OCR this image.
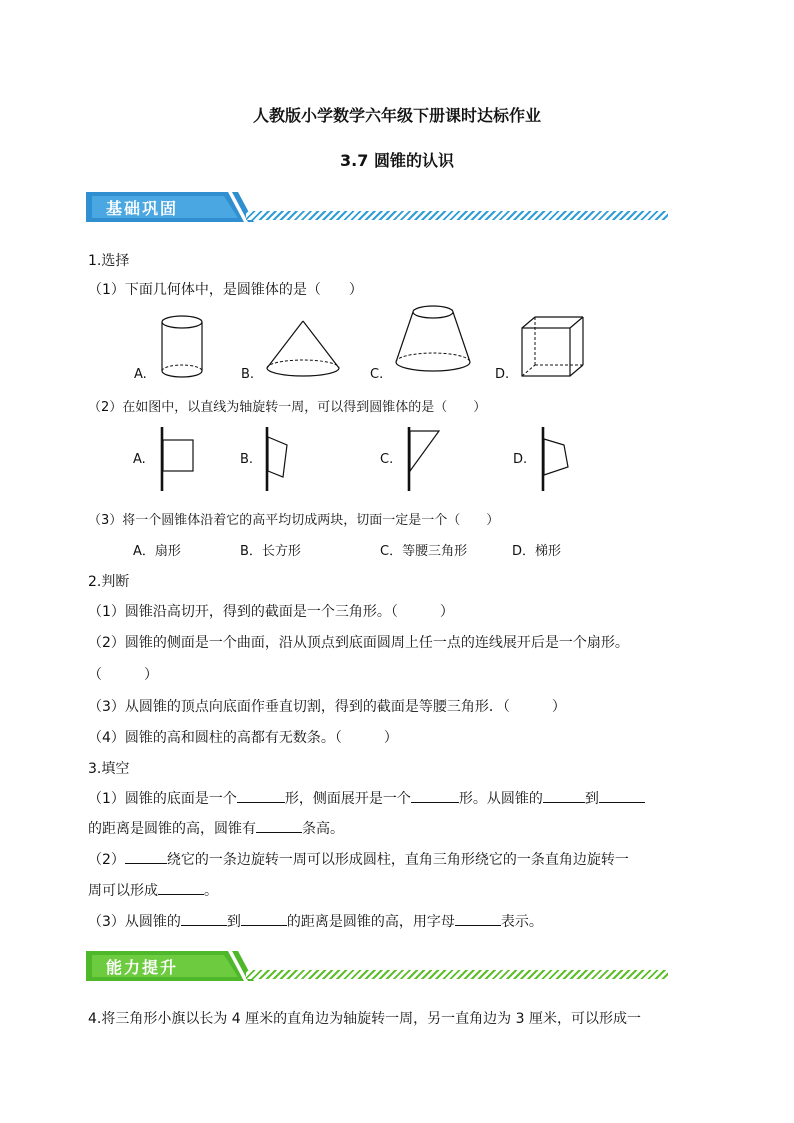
人教版小学数学六年级下册课时达标作业
3.7 圆锥的认识
基础巩固
1.选择
（1）下面几何体中，是圆锥体的是（　　）
A.	B.	C.	D.
（2）在如图中，以直线为轴旋转一周，可以得到圆锥体的是（　　）
A.	B.	C.	D.
（3）将一个圆锥体沿着它的高平均切成两块，切面一定是一个（　　）
A．扇形	B．长方形	C．等腰三角形	D．梯形
2.判断
（1）圆锥沿高切开，得到的截面是一个三角形。（　　　）
（2）圆锥的侧面是一个曲面，沿从顶点到底面圆周上任一点的连线展开后是一个扇形。
（　　　）
（3）从圆锥的顶点向底面作垂直切割，得到的截面是等腰三角形．（　　　）
（4）圆锥的高和圆柱的高都有无数条。（　　　）
3.填空
（1）圆锥的底面是一个	形，侧面展开是一个	形。从圆锥的	到
的距离是圆锥的高，圆锥有	条高。
（2）	绕它的一条边旋转一周可以形成圆柱，直角三角形绕它的一条直角边旋转一
周可以形成	。
（3）从圆锥的	到	的距离是圆锥的高，用字母	表示。
能力提升
4.将三角形小旗以长为 4 厘米的直角边为轴旋转一周，另一直角边为 3 厘米，可以形成一
